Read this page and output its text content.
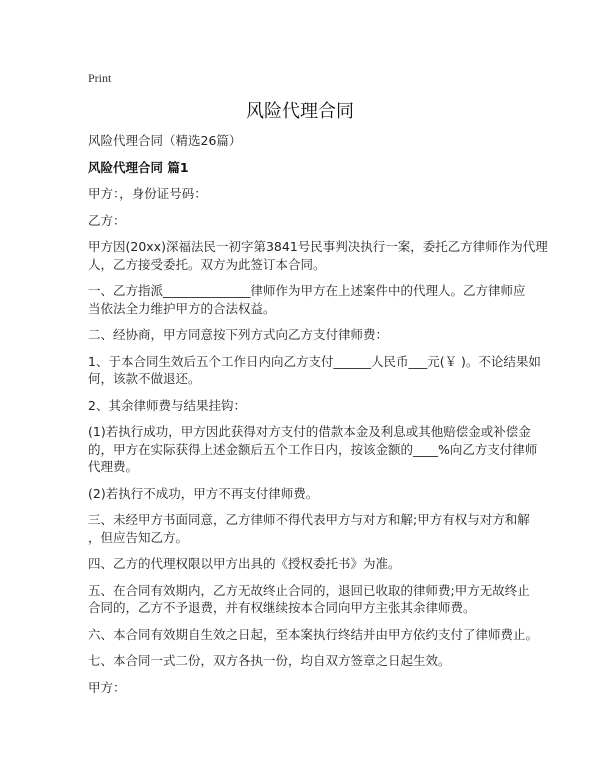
Print
风险代理合同

风险代理合同（精选26篇）

风险代理合同 篇1

甲方：，身份证号码：

乙方：

甲方因(20xx)深福法民一初字第3841号民事判决执行一案，委托乙方律师作为代理
人，乙方接受委托。双方为此签订本合同。

一、乙方指派______________律师作为甲方在上述案件中的代理人。乙方律师应
当依法全力维护甲方的合法权益。

二、经协商，甲方同意按下列方式向乙方支付律师费：

1、于本合同生效后五个工作日内向乙方支付______人民币___元(￥ )。不论结果如
何，该款不做退还。

2、其余律师费与结果挂钩：

(1)若执行成功，甲方因此获得对方支付的借款本金及利息或其他赔偿金或补偿金
的，甲方在实际获得上述金额后五个工作日内，按该金额的____%向乙方支付律师
代理费。

(2)若执行不成功，甲方不再支付律师费。

三、未经甲方书面同意，乙方律师不得代表甲方与对方和解;甲方有权与对方和解
，但应告知乙方。

四、乙方的代理权限以甲方出具的《授权委托书》为准。

五、在合同有效期内，乙方无故终止合同的，退回已收取的律师费;甲方无故终止
合同的，乙方不予退费，并有权继续按本合同向甲方主张其余律师费。

六、本合同有效期自生效之日起，至本案执行终结并由甲方依约支付了律师费止。

七、本合同一式二份，双方各执一份，均自双方签章之日起生效。

甲方：
